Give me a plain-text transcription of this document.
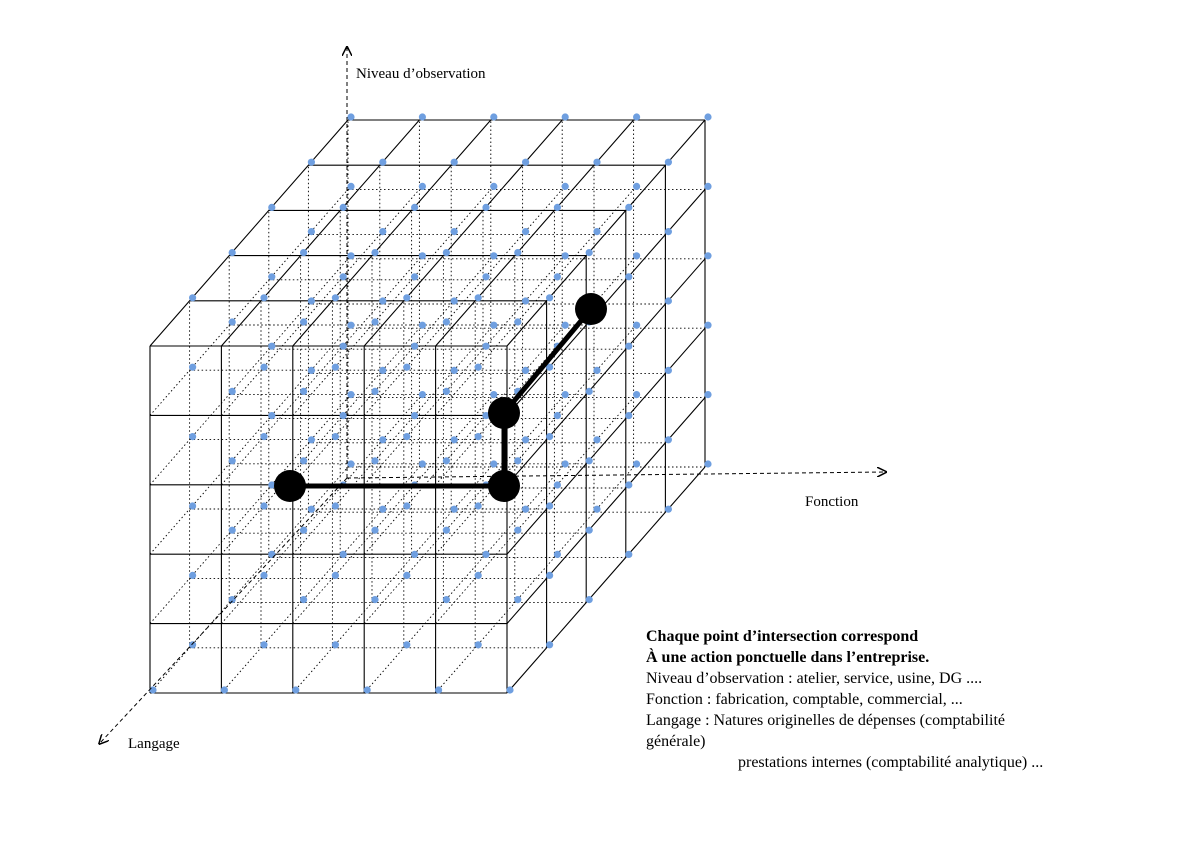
Niveau d’observation
Fonction
Langage
Chaque point d’intersection correspond
À une action ponctuelle dans l’entreprise.
Niveau d’observation : atelier, service, usine, DG ....
Fonction : fabrication, comptable, commercial, ...
Langage : Natures originelles de dépenses (comptabilité
générale)
prestations internes (comptabilité analytique) ...
